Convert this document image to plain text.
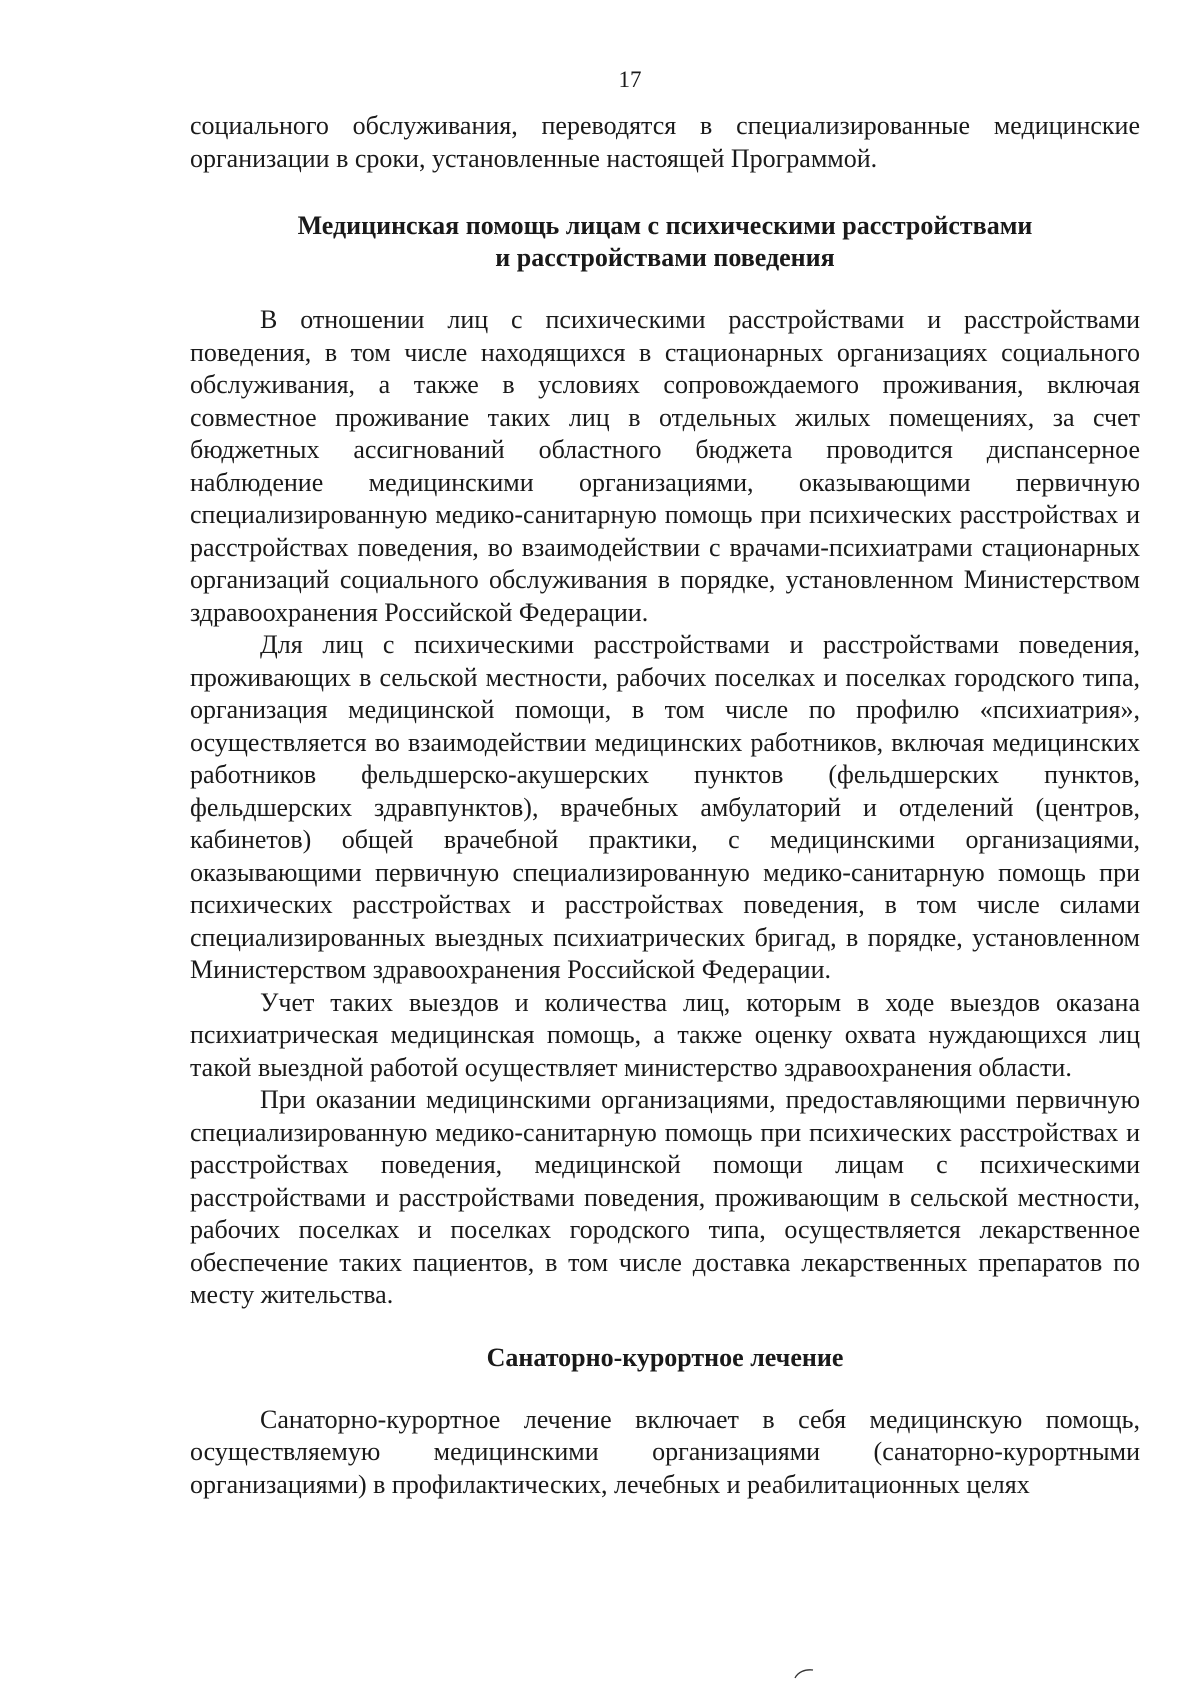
17

социального обслуживания, переводятся в специализированные медицинские организации в сроки, установленные настоящей Программой.

Медицинская помощь лицам с психическими расстройствами
и расстройствами поведения

В отношении лиц с психическими расстройствами и расстройствами поведения, в том числе находящихся в стационарных организациях социального обслуживания, а также в условиях сопровождаемого проживания, включая совместное проживание таких лиц в отдельных жилых помещениях, за счет бюджетных ассигнований областного бюджета проводится диспансерное наблюдение медицинскими организациями, оказывающими первичную специализированную медико-санитарную помощь при психических расстройствах и расстройствах поведения, во взаимодействии с врачами-психиатрами стационарных организаций социального обслуживания в порядке, установленном Министерством здравоохранения Российской Федерации.

Для лиц с психическими расстройствами и расстройствами поведения, проживающих в сельской местности, рабочих поселках и поселках городского типа, организация медицинской помощи, в том числе по профилю «психиатрия», осуществляется во взаимодействии медицинских работников, включая медицинских работников фельдшерско-акушерских пунктов (фельдшерских пунктов, фельдшерских здравпунктов), врачебных амбулаторий и отделений (центров, кабинетов) общей врачебной практики, с медицинскими организациями, оказывающими первичную специализированную медико-санитарную помощь при психических расстройствах и расстройствах поведения, в том числе силами специализированных выездных психиатрических бригад, в порядке, установленном Министерством здравоохранения Российской Федерации.

Учет таких выездов и количества лиц, которым в ходе выездов оказана психиатрическая медицинская помощь, а также оценку охвата нуждающихся лиц такой выездной работой осуществляет министерство здравоохранения области.

При оказании медицинскими организациями, предоставляющими первичную специализированную медико-санитарную помощь при психических расстройствах и расстройствах поведения, медицинской помощи лицам с психическими расстройствами и расстройствами поведения, проживающим в сельской местности, рабочих поселках и поселках городского типа, осуществляется лекарственное обеспечение таких пациентов, в том числе доставка лекарственных препаратов по месту жительства.

Санаторно-курортное лечение

Санаторно-курортное лечение включает в себя медицинскую помощь, осуществляемую медицинскими организациями (санаторно-курортными организациями) в профилактических, лечебных и реабилитационных целях
